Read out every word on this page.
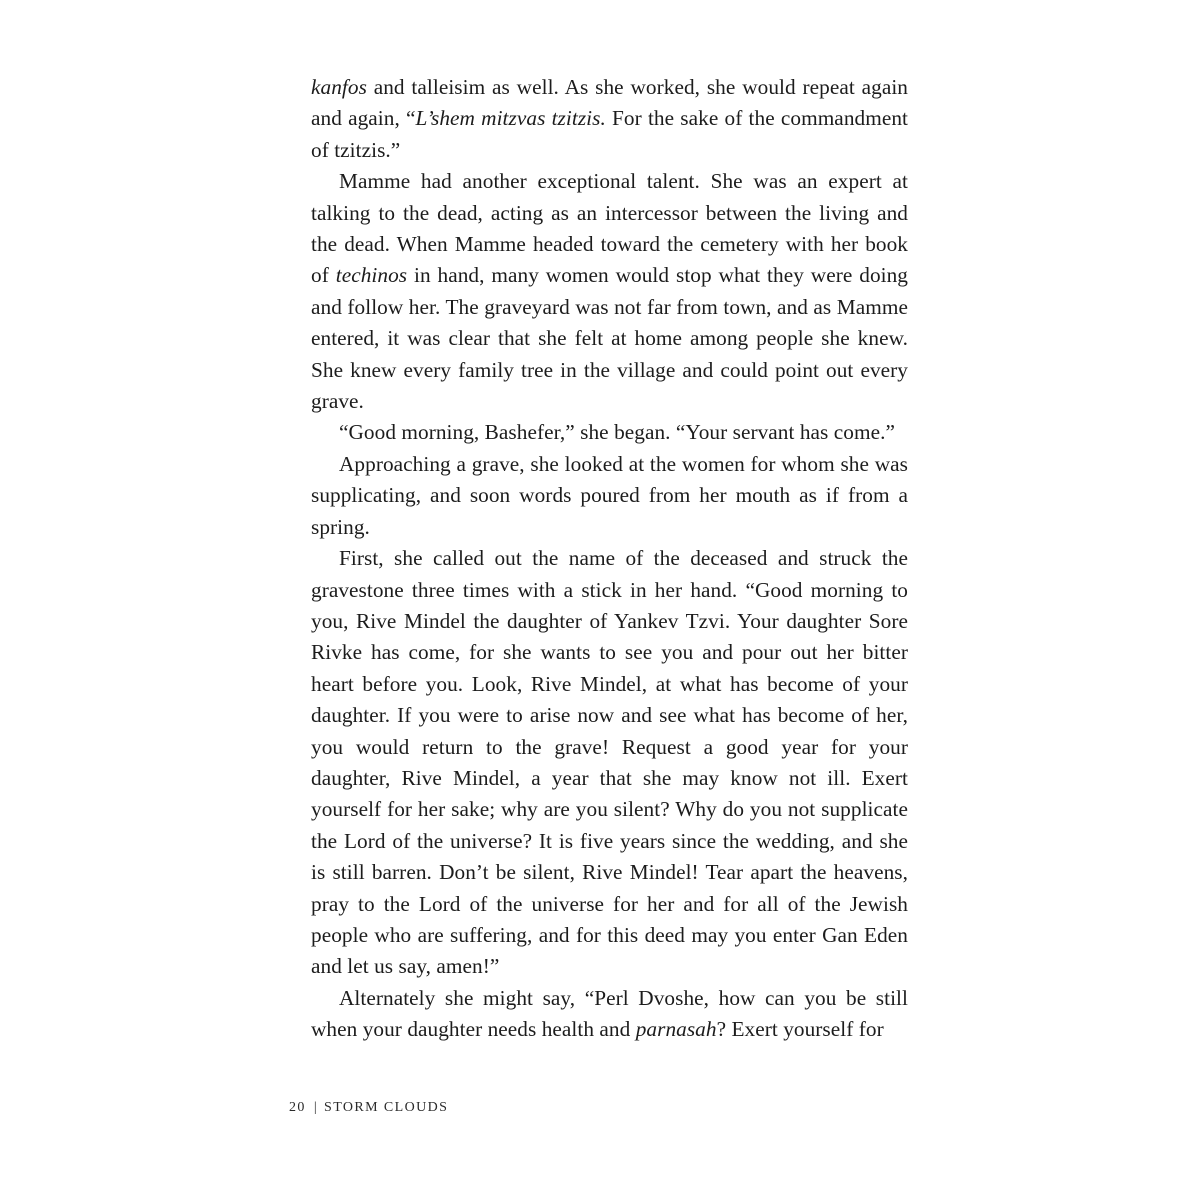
kanfos and talleisim as well. As she worked, she would repeat again and again, “L’shem mitzvas tzitzis. For the sake of the commandment of tzitzis.”

Mamme had another exceptional talent. She was an expert at talking to the dead, acting as an intercessor between the living and the dead. When Mamme headed toward the cemetery with her book of techinos in hand, many women would stop what they were doing and follow her. The graveyard was not far from town, and as Mamme entered, it was clear that she felt at home among people she knew. She knew every family tree in the village and could point out every grave.

“Good morning, Bashefer,” she began. “Your servant has come.”

Approaching a grave, she looked at the women for whom she was supplicating, and soon words poured from her mouth as if from a spring.

First, she called out the name of the deceased and struck the gravestone three times with a stick in her hand. “Good morning to you, Rive Mindel the daughter of Yankev Tzvi. Your daughter Sore Rivke has come, for she wants to see you and pour out her bitter heart before you. Look, Rive Mindel, at what has become of your daughter. If you were to arise now and see what has become of her, you would return to the grave! Request a good year for your daughter, Rive Mindel, a year that she may know not ill. Exert yourself for her sake; why are you silent? Why do you not supplicate the Lord of the universe? It is five years since the wedding, and she is still barren. Don’t be silent, Rive Mindel! Tear apart the heavens, pray to the Lord of the universe for her and for all of the Jewish people who are suffering, and for this deed may you enter Gan Eden and let us say, amen!”

Alternately she might say, “Perl Dvoshe, how can you be still when your daughter needs health and parnasah? Exert yourself for

20 | STORM CLOUDS
